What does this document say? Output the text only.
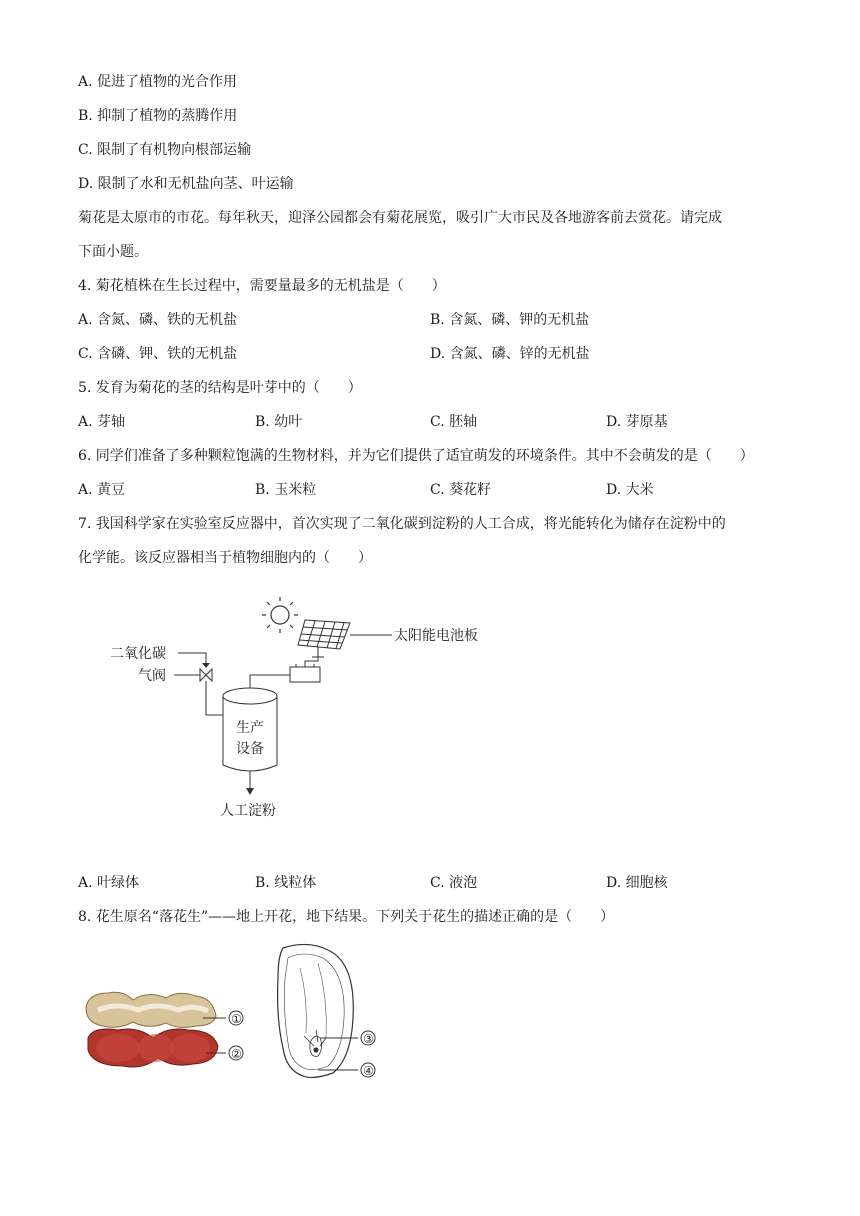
A. 促进了植物的光合作用
B. 抑制了植物的蒸腾作用
C. 限制了有机物向根部运输
D. 限制了水和无机盐向茎、叶运输
菊花是太原市的市花。每年秋天，迎泽公园都会有菊花展览，吸引广大市民及各地游客前去赏花。请完成
下面小题。
4. 菊花植株在生长过程中，需要量最多的无机盐是（　　）
A. 含氮、磷、铁的无机盐	B. 含氮、磷、钾的无机盐
C. 含磷、钾、铁的无机盐	D. 含氮、磷、锌的无机盐
5. 发育为菊花的茎的结构是叶芽中的（　　）
A. 芽轴	B. 幼叶	C. 胚轴	D. 芽原基
6. 同学们准备了多种颗粒饱满的生物材料，并为它们提供了适宜萌发的环境条件。其中不会萌发的是（　　）
A. 黄豆	B. 玉米粒	C. 葵花籽	D. 大米
7. 我国科学家在实验室反应器中，首次实现了二氧化碳到淀粉的人工合成，将光能转化为储存在淀粉中的
化学能。该反应器相当于植物细胞内的（　　）
太阳能电池板
二氧化碳
气阀
生产
设备
人工淀粉
A. 叶绿体	B. 线粒体	C. 液泡	D. 细胞核
8. 花生原名“落花生”——地上开花，地下结果。下列关于花生的描述正确的是（　　）
①
②
③
④
